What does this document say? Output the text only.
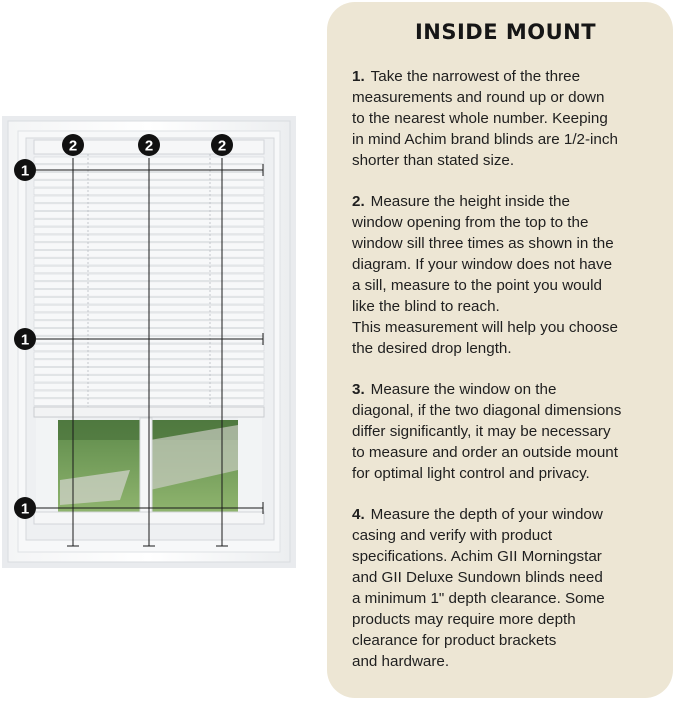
2	2	2
1
1
1
INSIDE MOUNT

1. Take the narrowest of the three
measurements and round up or down
to the nearest whole number. Keeping
in mind Achim brand blinds are 1/2-inch
shorter than stated size.

2. Measure the height inside the
window opening from the top to the
window sill three times as shown in the
diagram. If your window does not have
a sill, measure to the point you would
like the blind to reach.
This measurement will help you choose
the desired drop length.

3. Measure the window on the
diagonal, if the two diagonal dimensions
differ significantly, it may be necessary
to measure and order an outside mount
for optimal light control and privacy.

4. Measure the depth of your window
casing and verify with product
specifications. Achim GII Morningstar
and GII Deluxe Sundown blinds need
a minimum 1" depth clearance. Some
products may require more depth
clearance for product brackets
and hardware.
